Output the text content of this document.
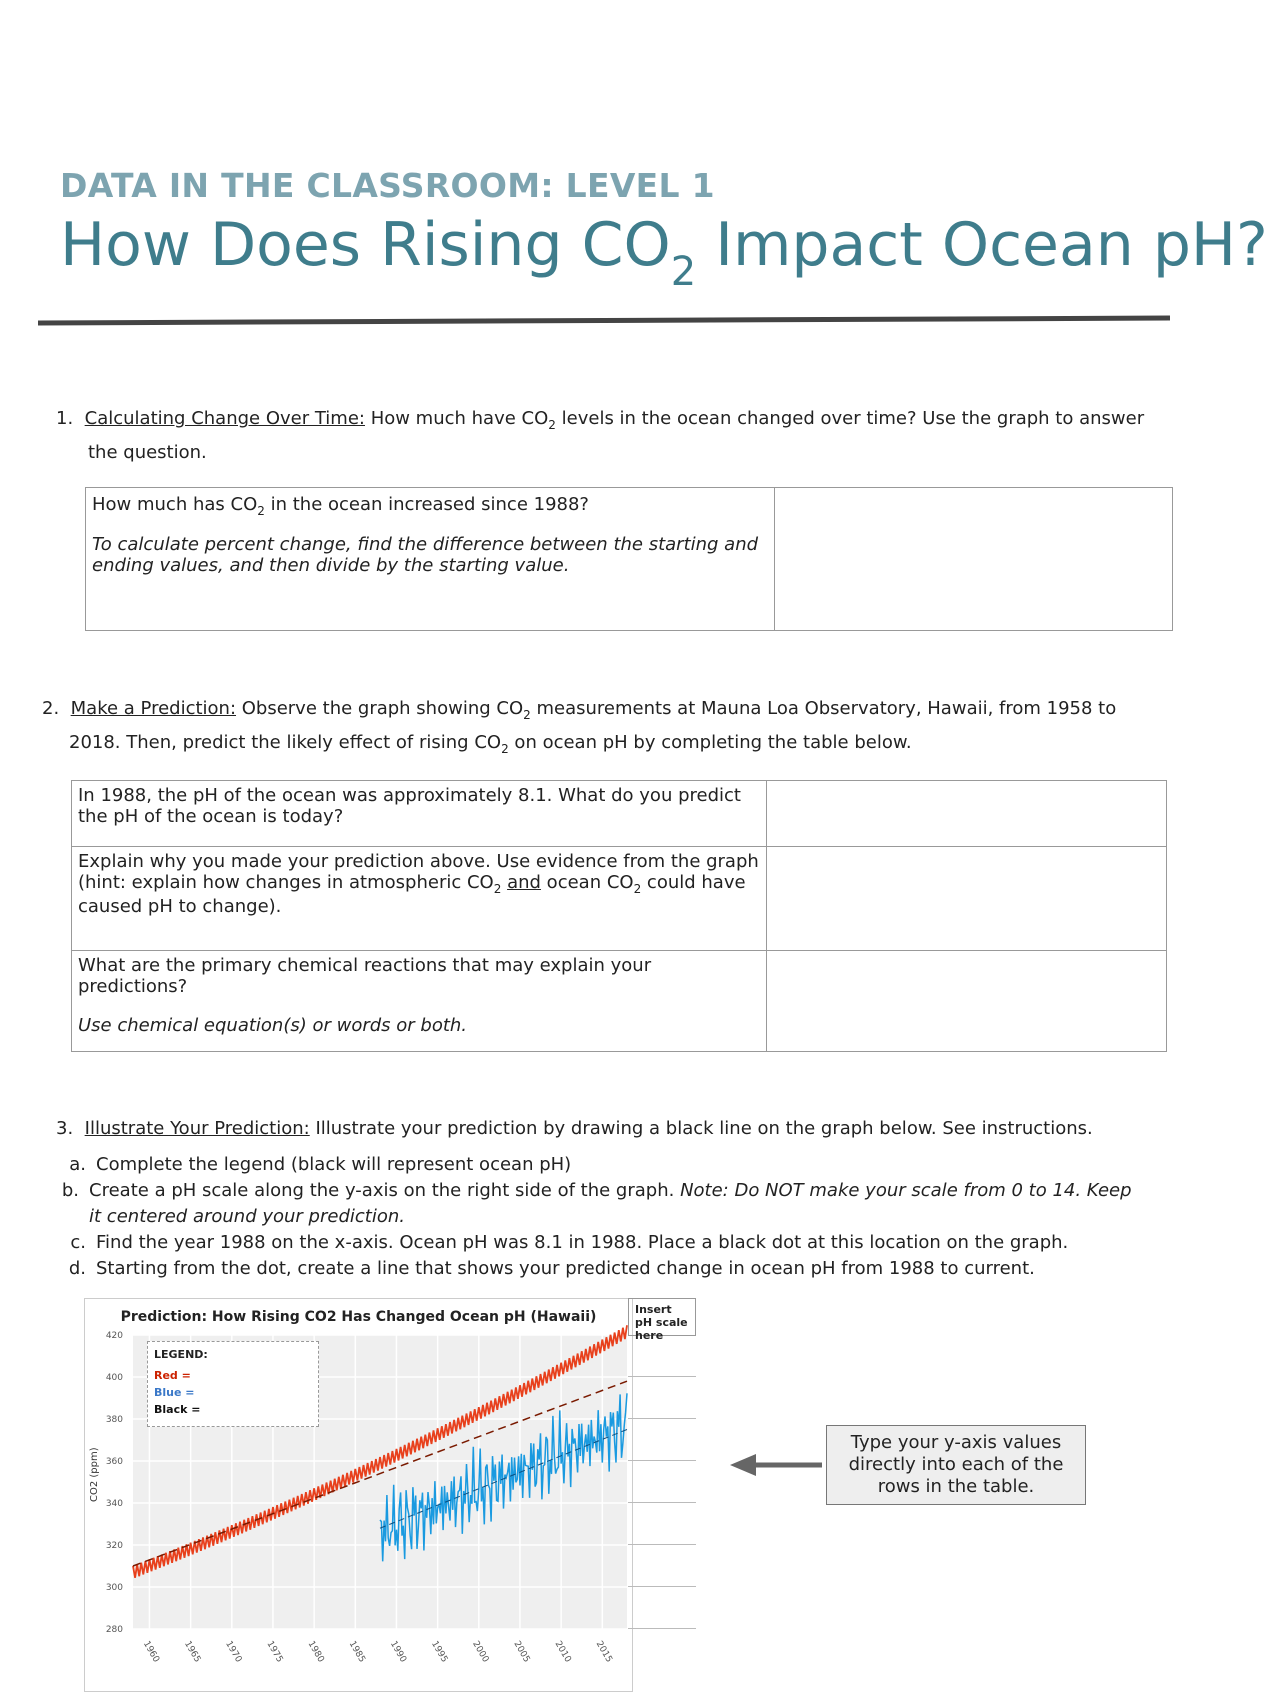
DATA IN THE CLASSROOM: LEVEL 1
How Does Rising $CO_2$ Impact Ocean pH?
1. Calculating Change Over Time: How much have $CO_2$ levels in the ocean changed over time? Use the graph to answer
the question.
How much has $CO_2$ in the ocean increased since 1988?
To calculate percent change, find the difference between the starting and ending values, and then divide by the starting value.

2. Make a Prediction: Observe the graph showing $CO_2$ measurements at Mauna Loa Observatory, Hawaii, from 1958 to
2018. Then, predict the likely effect of rising $CO_2$ on ocean pH by completing the table below.
In 1988, the pH of the ocean was approximately 8.1. What do you predict the pH of the ocean is today?	
Explain why you made your prediction above. Use evidence from the graph (hint: explain how changes in atmospheric $CO_2$ and ocean $CO_2$ could have caused pH to change).	

What are the primary chemical reactions that may explain your predictions?
Use chemical equation(s) or words or both.	

3. Illustrate Your Prediction: Illustrate your prediction by drawing a black line on the graph below. See instructions.
a. Complete the legend (black will represent ocean pH)
b. Create a pH scale along the y-axis on the right side of the graph. Note: Do NOT make your scale from 0 to 14. Keep it centered around your prediction.
c. Find the year 1988 on the x-axis. Ocean pH was 8.1 in 1988. Place a black dot at this location on the graph.
d. Starting from the dot, create a line that shows your predicted change in ocean pH from 1988 to current.
Prediction: How Rising CO2 Has Changed Ocean pH (Hawaii)
420
400
380
360
340
320
300
280
1960 1965 1970 1975 1980 1985 1990 1995 2000 2005 2010 2015
CO2 (ppm)
LEGEND:
Red =
Blue =
Black =
Insert pH scale here
Type your y-axis values directly into each of the rows in the table.
